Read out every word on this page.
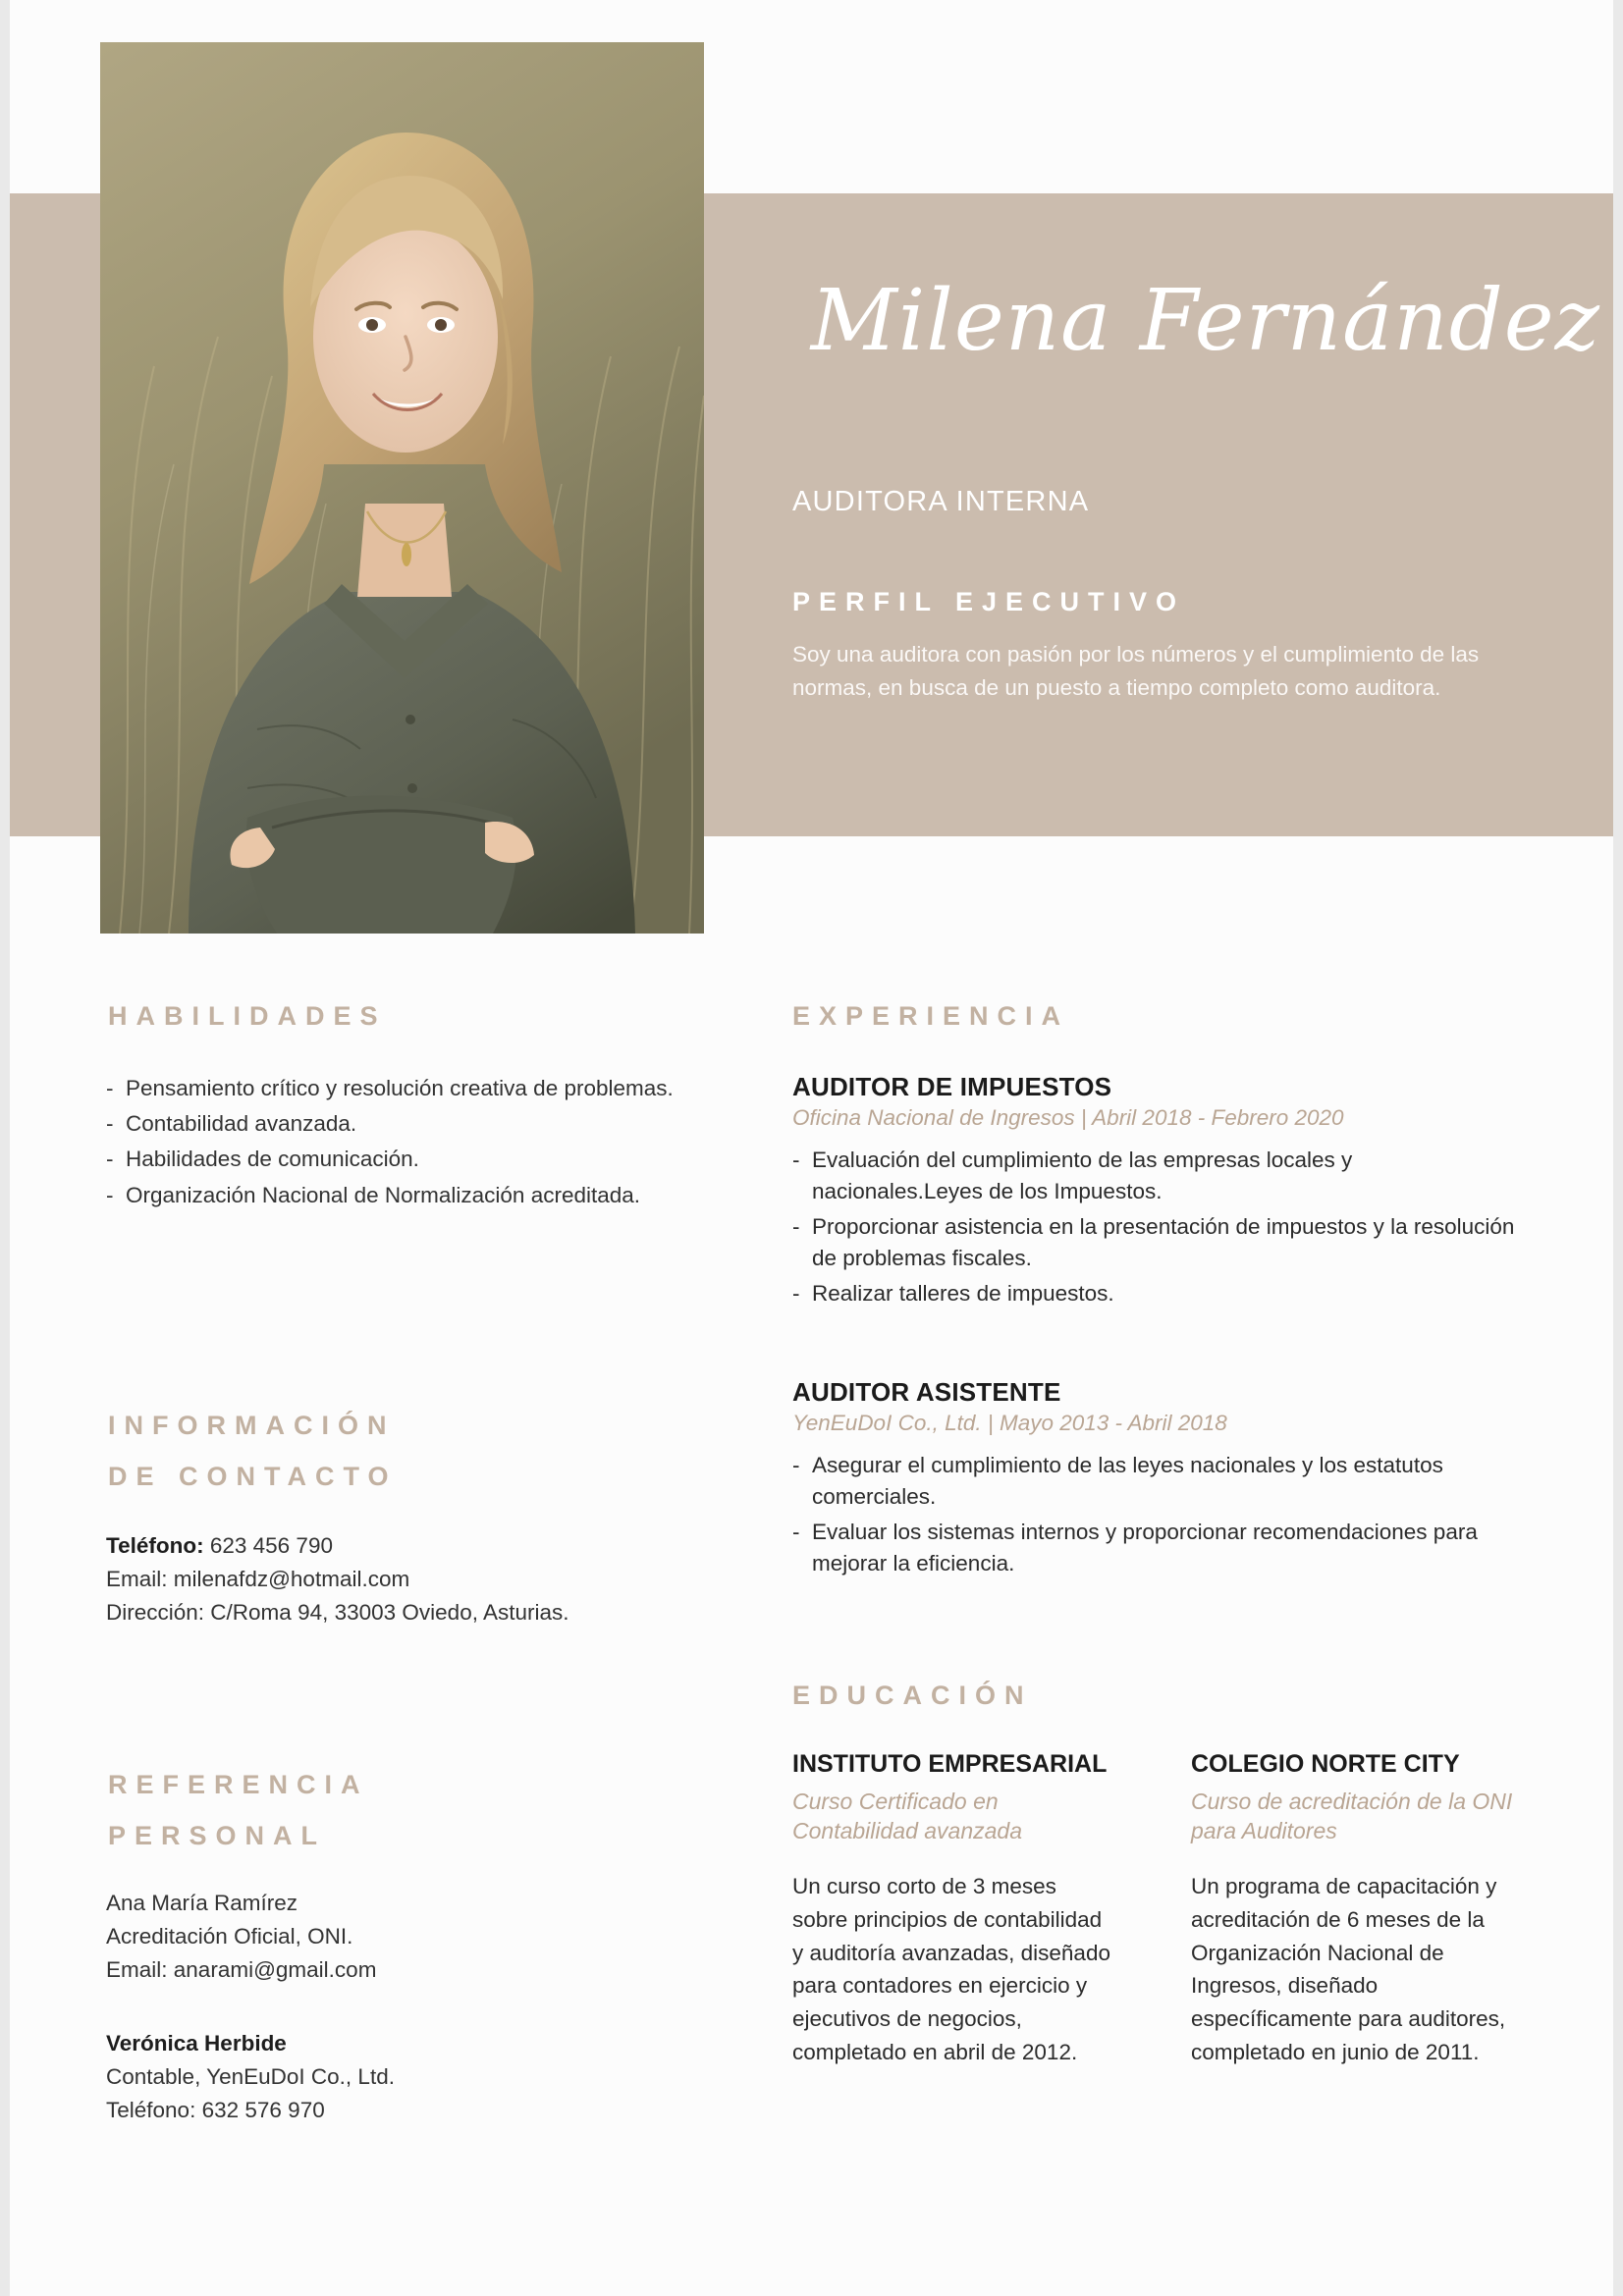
Milena Fernández
AUDITORA INTERNA
PERFIL EJECUTIVO
Soy una auditora con pasión por los números y el cumplimiento de las normas, en busca de un puesto a tiempo completo como auditora.
HABILIDADES
- Pensamiento crítico y resolución creativa de problemas.
- Contabilidad avanzada.
- Habilidades de comunicación.
- Organización Nacional de Normalización acreditada.
INFORMACIÓN
DE CONTACTO
Teléfono: 623 456 790
Email: milenafdz@hotmail.com
Dirección: C/Roma 94, 33003 Oviedo, Asturias.
REFERENCIA
PERSONAL
Ana María Ramírez
Acreditación Oficial, ONI.
Email: anarami@gmail.com
Verónica Herbide
Contable, YenEuDoI Co., Ltd.
Teléfono: 632 576 970
EXPERIENCIA
AUDITOR DE IMPUESTOS
Oficina Nacional de Ingresos | Abril 2018 - Febrero 2020
- Evaluación del cumplimiento de las empresas locales y nacionales.Leyes de los Impuestos.
- Proporcionar asistencia en la presentación de impuestos y la resolución de problemas fiscales.
- Realizar talleres de impuestos.
AUDITOR ASISTENTE
YenEuDoI Co., Ltd. | Mayo 2013 - Abril 2018
- Asegurar el cumplimiento de las leyes nacionales y los estatutos comerciales.
- Evaluar los sistemas internos y proporcionar recomendaciones para mejorar la eficiencia.
EDUCACIÓN
INSTITUTO EMPRESARIAL
Curso Certificado en Contabilidad avanzada
Un curso corto de 3 meses sobre principios de contabilidad y auditoría avanzadas, diseñado para contadores en ejercicio y ejecutivos de negocios, completado en abril de 2012.
COLEGIO NORTE CITY
Curso de acreditación de la ONI para Auditores
Un programa de capacitación y acreditación de 6 meses de la Organización Nacional de Ingresos, diseñado específicamente para auditores, completado en junio de 2011.
